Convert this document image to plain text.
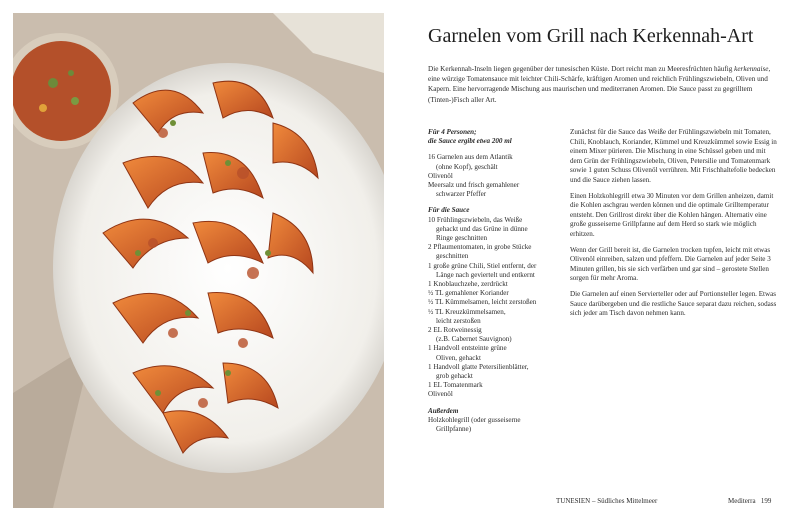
Garnelen vom Grill nach Kerkennah-Art
Die Kerkennah-Inseln liegen gegenüber der tunesischen Küste. Dort reicht man zu Meeresfrüchten häufig kerkennaise, eine würzige Tomatensauce mit leichter Chili-Schärfe, kräftigen Aromen und reichlich Frühlingszwiebeln, Oliven und Kapern. Eine hervorragende Mischung aus maurischen und mediterranen Aromen. Die Sauce passt zu gegrilltem (Tinten-)Fisch aller Art.
Für 4 Personen;
die Sauce ergibt etwa 200 ml
16 Garnelen aus dem Atlantik
(ohne Kopf), geschält
Olivenöl
Meersalz und frisch gemahlener
schwarzer Pfeffer
Für die Sauce
10 Frühlingszwiebeln, das Weiße
gehackt und das Grüne in dünne
Ringe geschnitten
2 Pflaumentomaten, in grobe Stücke
geschnitten
1 große grüne Chili, Stiel entfernt, der
Länge nach geviertelt und entkernt
1 Knoblauchzehe, zerdrückt
½ TL gemahlener Koriander
½ TL Kümmelsamen, leicht zerstoßen
½ TL Kreuzkümmelsamen,
leicht zerstoßen
2 EL Rotweinessig
(z.B. Cabernet Sauvignon)
1 Handvoll entsteinte grüne
Oliven, gehackt
1 Handvoll glatte Petersilienblätter,
grob gehackt
1 EL Tomatenmark
Olivenöl
Außerdem
Holzkohlegrill (oder gusseiserne
Grillpfanne)

Zunächst für die Sauce das Weiße der Frühlingszwiebeln mit Tomaten, Chili, Knoblauch, Koriander, Kümmel und Kreuzkümmel sowie Essig in einem Mixer pürieren. Die Mischung in eine Schüssel geben und mit dem Grün der Frühlingszwiebeln, Oliven, Petersilie und Tomatenmark sowie 1 guten Schuss Olivenöl verrühren. Mit Frischhaltefolie bedecken und die Sauce ziehen lassen.

Einen Holzkohlegrill etwa 30 Minuten vor dem Grillen anheizen, damit die Kohlen aschgrau werden können und die optimale Grilltemperatur entsteht. Den Grillrost direkt über die Kohlen hängen. Alternativ eine große gusseiserne Grillpfanne auf dem Herd so stark wie möglich erhitzen.

Wenn der Grill bereit ist, die Garnelen trocken tupfen, leicht mit etwas Olivenöl einreiben, salzen und pfeffern. Die Garnelen auf jeder Seite 3 Minuten grillen, bis sie sich verfärben und gar sind – gerostete Stellen sorgen für mehr Aroma.

Die Garnelen auf einen Servierteller oder auf Portionsteller legen. Etwas Sauce darübergeben und die restliche Sauce separat dazu reichen, sodass sich jeder am Tisch davon nehmen kann.

TUNESIEN – Südliches Mittelmeer	Mediterra 199
